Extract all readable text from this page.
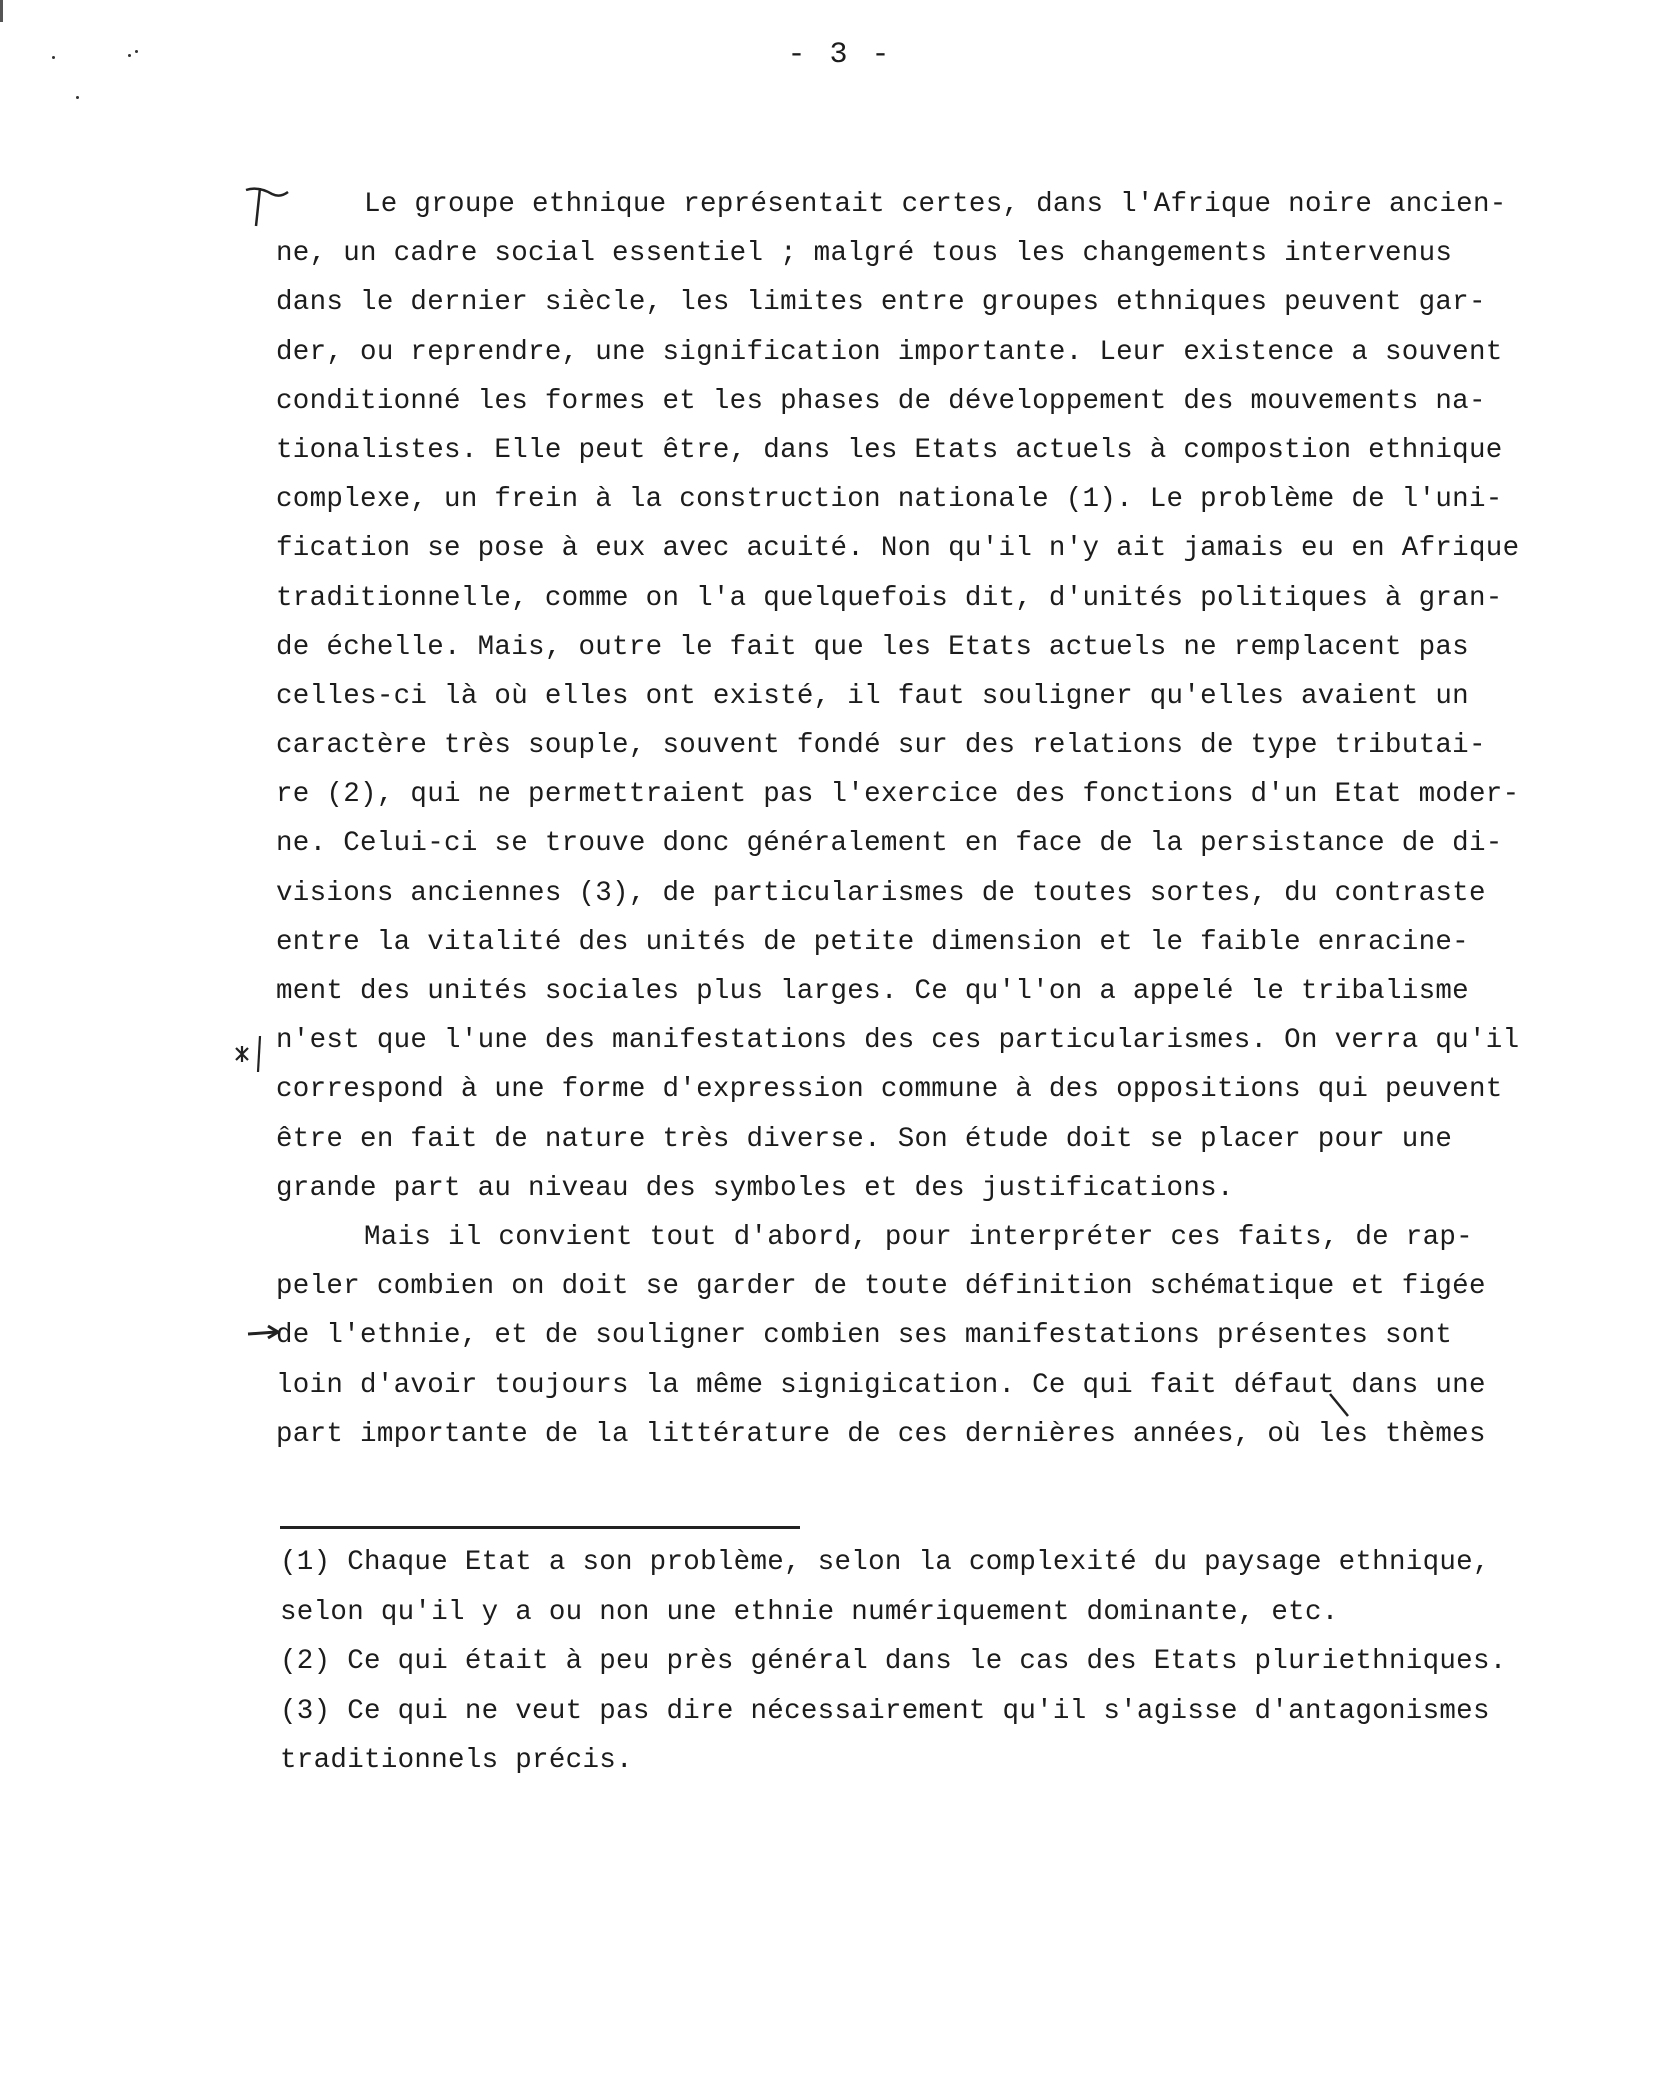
- 3 -
Le groupe ethnique représentait certes, dans l'Afrique noire ancien-
ne, un cadre social essentiel ; malgré tous les changements intervenus
dans le dernier siècle, les limites entre groupes ethniques peuvent gar-
der, ou reprendre, une signification importante. Leur existence a souvent
conditionné les formes et les phases de développement des mouvements na-
tionalistes. Elle peut être, dans les Etats actuels à compostion ethnique
complexe, un frein à la construction nationale (1). Le problème de l'uni-
fication se pose à eux avec acuité. Non qu'il n'y ait jamais eu en Afrique
traditionnelle, comme on l'a quelquefois dit, d'unités politiques à gran-
de échelle. Mais, outre le fait que les Etats actuels ne remplacent pas
celles-ci là où elles ont existé, il faut souligner qu'elles avaient un
caractère très souple, souvent fondé sur des relations de type tributai-
re (2), qui ne permettraient pas l'exercice des fonctions d'un Etat moder-
ne. Celui-ci se trouve donc généralement en face de la persistance de di-
visions anciennes (3), de particularismes de toutes sortes, du contraste
entre la vitalité des unités de petite dimension et le faible enracine-
ment des unités sociales plus larges. Ce qu'l'on a appelé le tribalisme
n'est que l'une des manifestations des ces particularismes. On verra qu'il
correspond à une forme d'expression commune à des oppositions qui peuvent
être en fait de nature très diverse. Son étude doit se placer pour une
grande part au niveau des symboles et des justifications.
Mais il convient tout d'abord, pour interpréter ces faits, de rap-
peler combien on doit se garder de toute définition schématique et figée
de l'ethnie, et de souligner combien ses manifestations présentes sont
loin d'avoir toujours la même signigication. Ce qui fait défaut dans une
part importante de la littérature de ces dernières années, où les thèmes
(1) Chaque Etat a son problème, selon la complexité du paysage ethnique,
selon qu'il y a ou non une ethnie numériquement dominante, etc.
(2) Ce qui était à peu près général dans le cas des Etats pluriethniques.
(3) Ce qui ne veut pas dire nécessairement qu'il s'agisse d'antagonismes
traditionnels précis.
